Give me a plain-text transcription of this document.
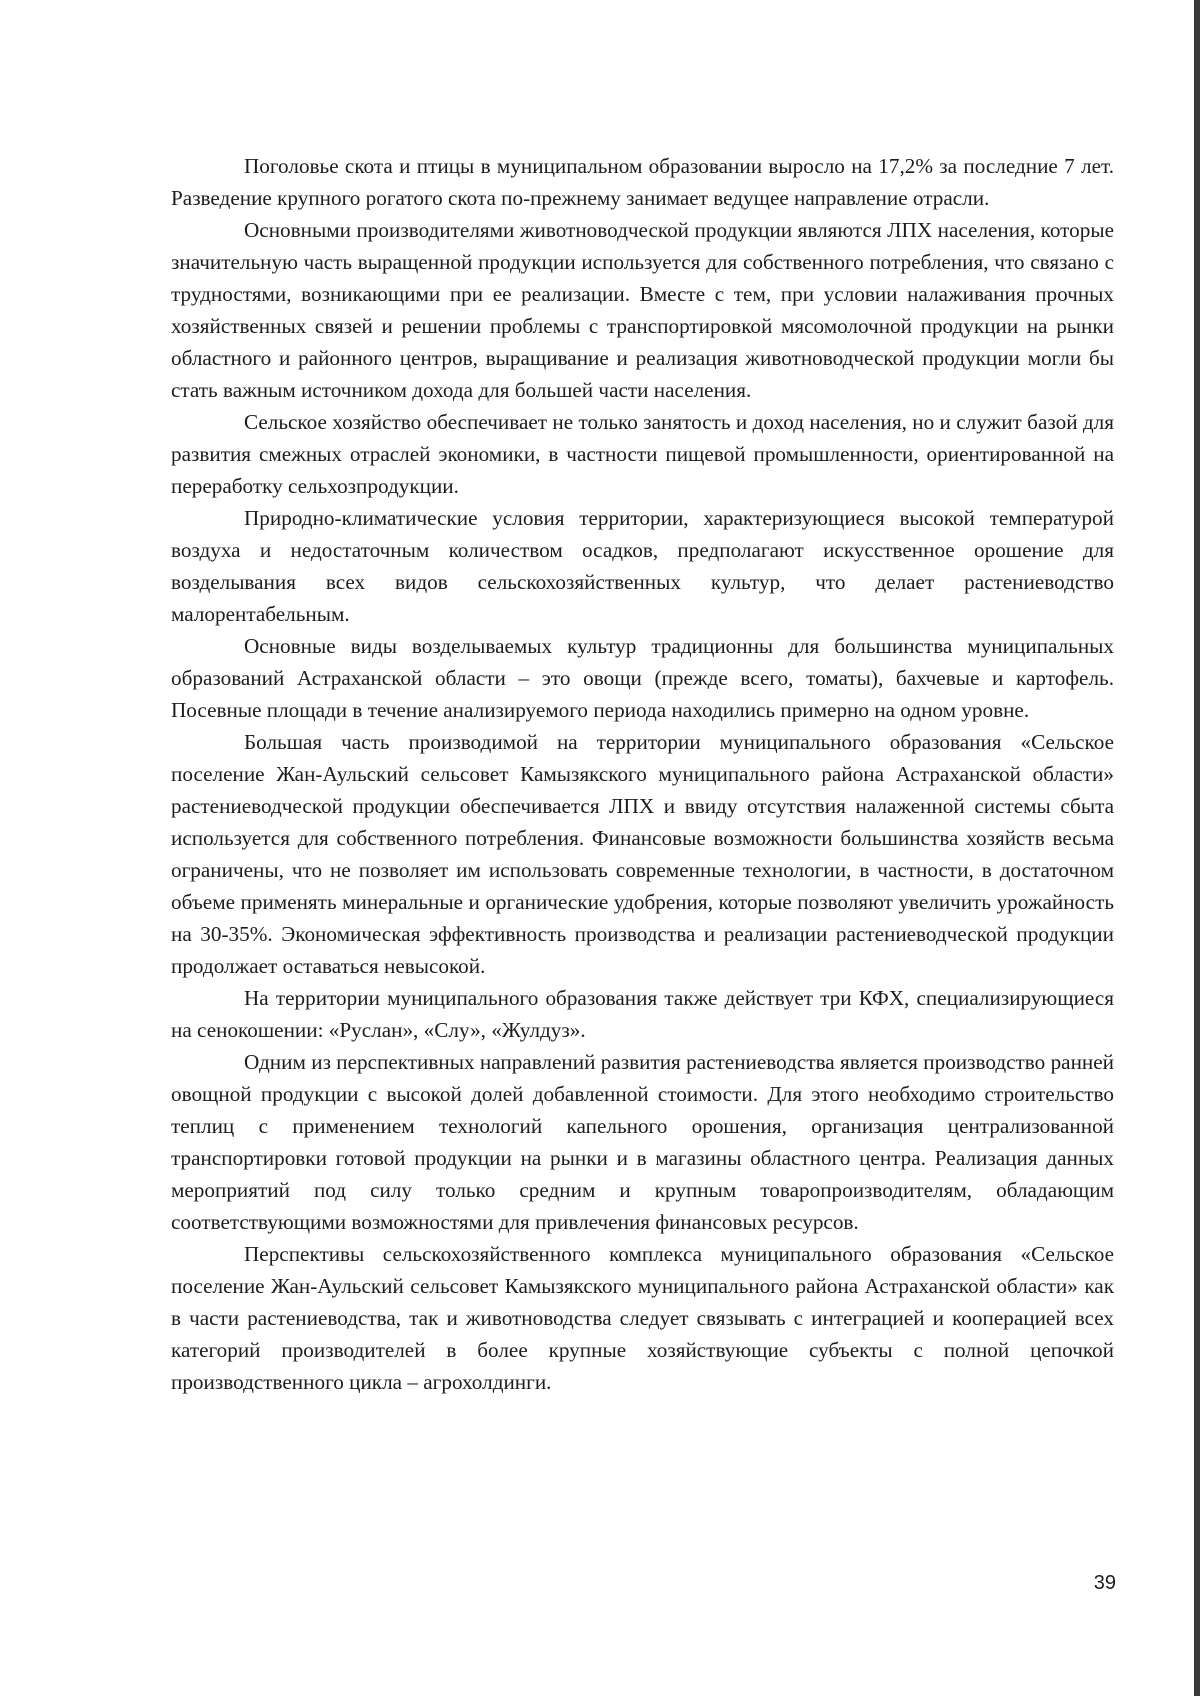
Поголовье скота и птицы в муниципальном образовании выросло на 17,2% за последние 7 лет. Разведение крупного рогатого скота по-прежнему занимает ведущее направление отрасли.

Основными производителями животноводческой продукции являются ЛПХ населения, которые значительную часть выращенной продукции используется для собственного потребления, что связано с трудностями, возникающими при ее реализации. Вместе с тем, при условии налаживания прочных хозяйственных связей и решении проблемы с транспортировкой мясомолочной продукции на рынки областного и районного центров, выращивание и реализация животноводческой продукции могли бы стать важным источником дохода для большей части населения.

Сельское хозяйство обеспечивает не только занятость и доход населения, но и служит базой для развития смежных отраслей экономики, в частности пищевой промышленности, ориентированной на переработку сельхозпродукции.

Природно-климатические условия территории, характеризующиеся высокой температурой воздуха и недостаточным количеством осадков, предполагают искусственное орошение для возделывания всех видов сельскохозяйственных культур, что делает растениеводство малорентабельным.

Основные виды возделываемых культур традиционны для большинства муниципальных образований Астраханской области – это овощи (прежде всего, томаты), бахчевые и картофель. Посевные площади в течение анализируемого периода находились примерно на одном уровне.

Большая часть производимой на территории муниципального образования «Сельское поселение Жан-Аульский сельсовет Камызякского муниципального района Астраханской области» растениеводческой продукции обеспечивается ЛПХ и ввиду отсутствия налаженной системы сбыта используется для собственного потребления. Финансовые возможности большинства хозяйств весьма ограничены, что не позволяет им использовать современные технологии, в частности, в достаточном объеме применять минеральные и органические удобрения, которые позволяют увеличить урожайность на 30-35%. Экономическая эффективность производства и реализации растениеводческой продукции продолжает оставаться невысокой.

На территории муниципального образования также действует три КФХ, специализирующиеся на сенокошении: «Руслан», «Слу», «Жулдуз».

Одним из перспективных направлений развития растениеводства является производство ранней овощной продукции с высокой долей добавленной стоимости. Для этого необходимо строительство теплиц с применением технологий капельного орошения, организация централизованной транспортировки готовой продукции на рынки и в магазины областного центра. Реализация данных мероприятий под силу только средним и крупным товаропроизводителям, обладающим соответствующими возможностями для привлечения финансовых ресурсов.

Перспективы сельскохозяйственного комплекса муниципального образования «Сельское поселение Жан-Аульский сельсовет Камызякского муниципального района Астраханской области» как в части растениеводства, так и животноводства следует связывать с интеграцией и кооперацией всех категорий производителей в более крупные хозяйствующие субъекты с полной цепочкой производственного цикла – агрохолдинги.

39
